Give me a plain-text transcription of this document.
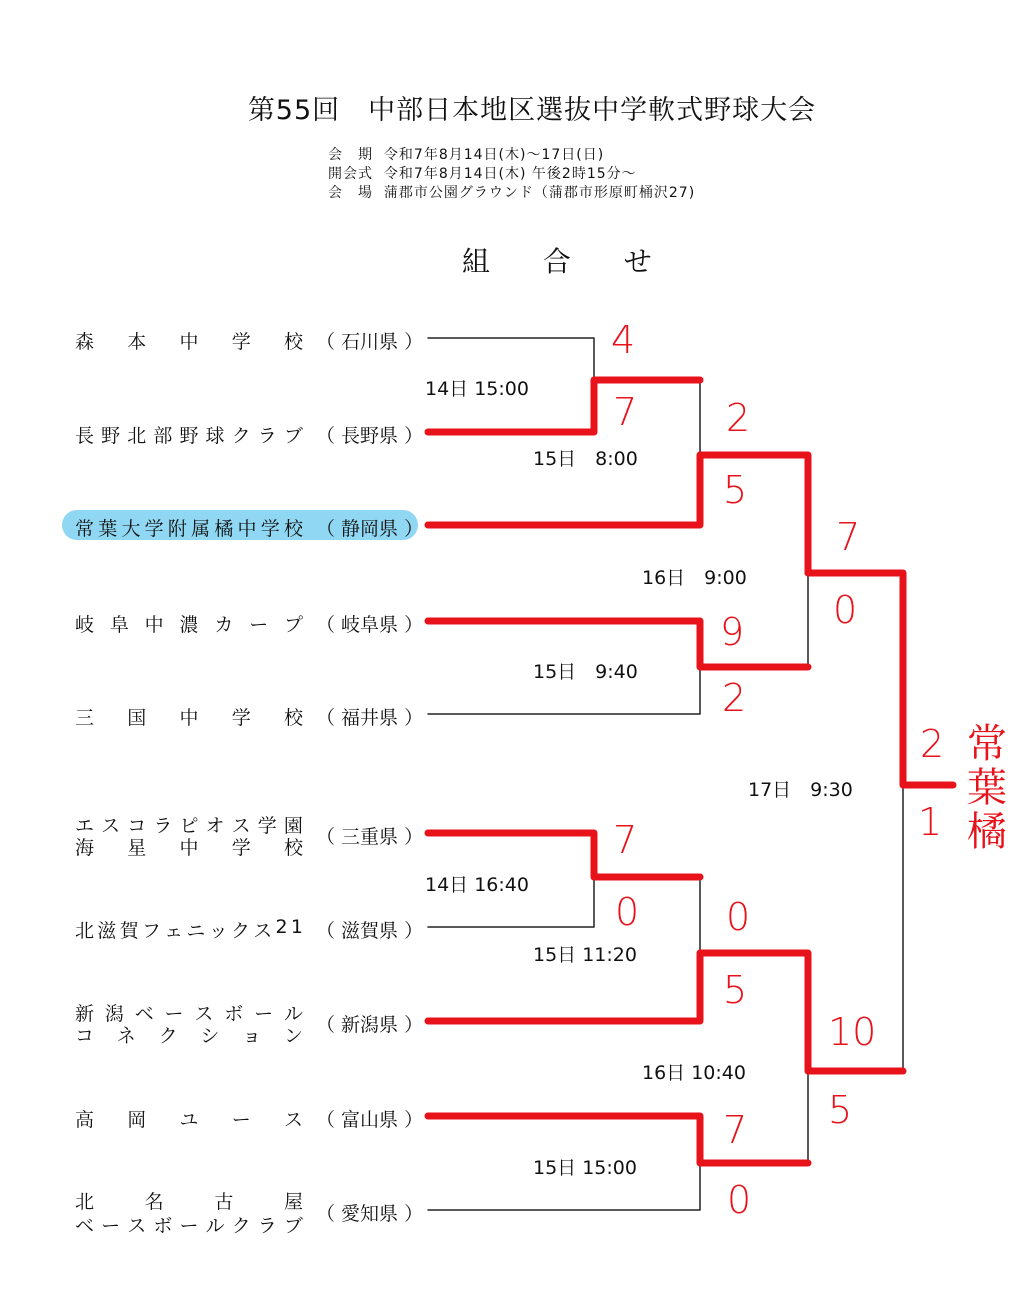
第55回　中部日本地区選抜中学軟式野球大会
会　期 令和7年8月14日(木)～17日(日)
開会式 令和7年8月14日(木) 午後2時15分～
会　場 蒲郡市公園グラウンド（蒲郡市形原町桶沢27)
組 合 せ
森 本 中 学 校 （ 石川県 ）
長 野 北 部 野 球 ク ラ ブ （ 長野県 ）
常 葉 大 学 附 属 橘 中 学 校 （ 静岡県 ）
岐 阜 中 濃 カ ー プ （ 岐阜県 ）
三 国 中 学 校 （ 福井県 ）
エ ス コ ラ ピ オ ス 学 園
海 星 中 学 校 （ 三重県 ）
北 滋 賀 フ ェ ニ ッ ク ス 2 1 （ 滋賀県 ）
新 潟 ベ ー ス ボ ー ル
コ ネ ク シ ョ ン （ 新潟県 ）
高 岡 ユ ー ス （ 富山県 ）
北	名	古	屋
ベ ー ス ボ ー ル ク ラ ブ
（ 愛知県 ）
14日 15:00
15日　8:00
16日　9:00
15日　9:40
17日　9:30
14日 16:40
15日 11:20
16日 10:40
15日 15:00
4
7 2
5
7
0
9
2
2
1
7
0 0
5
10
5
7
0
常
葉
橘
